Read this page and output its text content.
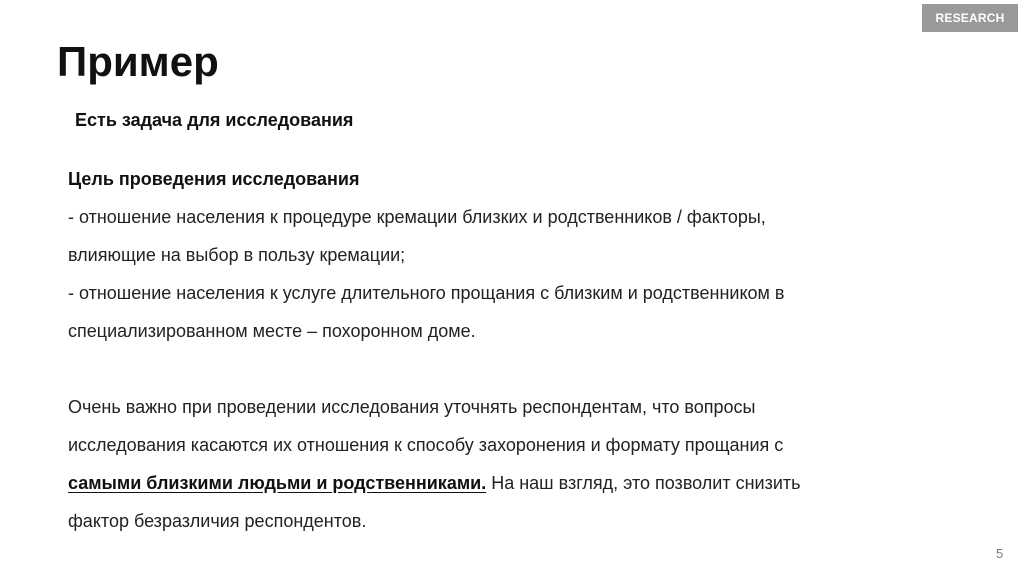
RESEARCH
Пример
Есть задача для исследования

Цель проведения исследования

- отношение населения к процедуре кремации близких и родственников / факторы,

влияющие на выбор в пользу кремации;

- отношение населения к услуге длительного прощания с близким и родственником в

специализированном месте – похоронном доме.

Очень важно при проведении исследования уточнять респондентам, что вопросы

исследования касаются их отношения к способу захоронения и формату прощания с

самыми близкими людьми и родственниками. На наш взгляд, это позволит снизить

фактор безразличия респондентов.

5
